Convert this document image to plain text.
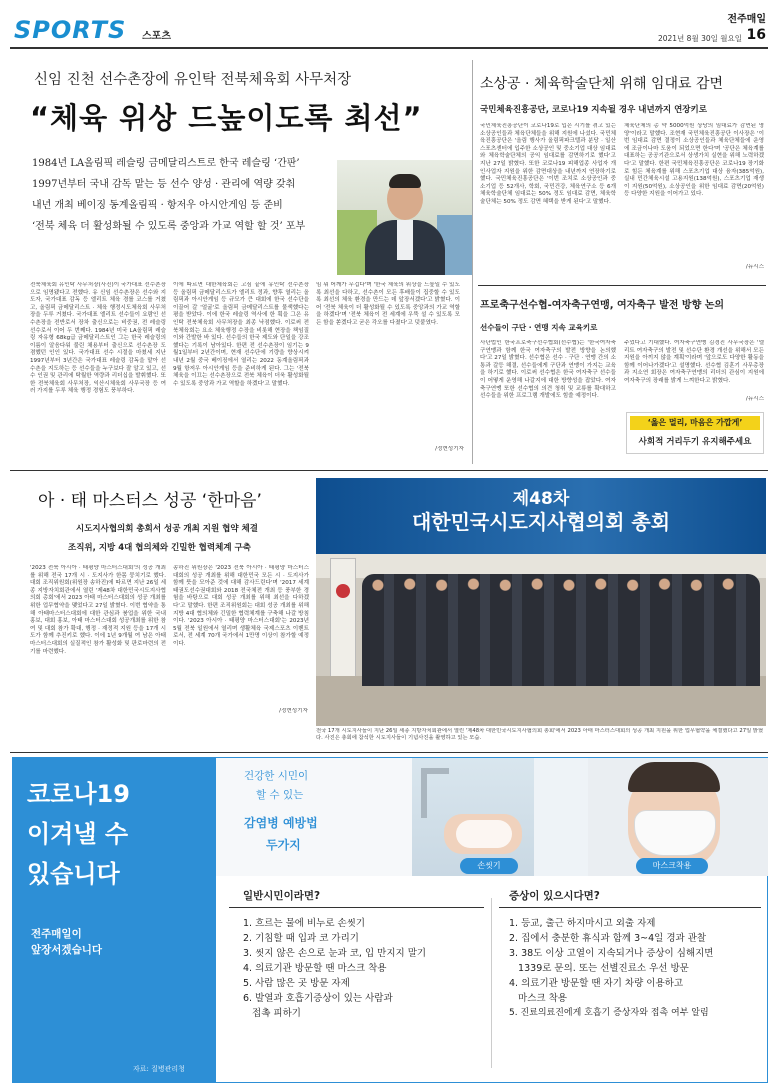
SPORTS 스포츠
전주매일
2021년 8월 30일 월요일 16
신임 진천 선수촌장에 유인탁 전북체육회 사무처장
“체육 위상 드높이도록 최선”
1984년 LA올림픽 레슬링 금메달리스트로 한국 레슬링 ‘간판’
1997년부터 국내 감독 맡는 등 선수 양성 · 관리에 역량 갖춰
내년 개최 베이징 동계올림픽 · 항저우 아시안게임 등 준비
‘전북 체육 더 활성화될 수 있도록 중앙과 가교 역할 할 것’ 포부
전북체육회 유인탁 사무처장(사진)이 국가대표 선수촌장으로 임명됐다고 전했다. 유 신임 선수촌장은 선수와 지도자, 국가대표 감독 등 엘리트 체육 경를 코스를 거쳤고, 올림픽 금메달리스트 · 체육 행정시도체육회 사무처장을 두루 거쳤다. 국가대표 엘리트 선수들이 요람인 선수촌장을 전반로서 장차 출신으로는 비중권, 전 레슬링선수로서 이어 두 번째다. 1984년 미국 LA올림픽 레슬링 자유형 68kg급 금메달리스트인 그는 한국 레슬링의 이름이 알음다워 불린 채용부터 출신으로 선수촌장 도 겸했던 인인 있다. 국가대표 선수 시절을 마쳤세 지난 1997년부터 3년간은 국가대표 레슬링 감독을 맡아 선수촌을 지도하는 등 선수들을 누구보다 잘 알고 있고, 선수 인권 및 관리에 탁월한 역량과 리더십을 발휘했다. 또한 전북체육회 사무처장, 익산시체육회 사무국장 등 여러 가지를 두루 체육 행정 경험도 풍부하다.
이에 따르면 대한체육회는 고심 끝에 유인탁 선수촌장 등 올림픽 금메달리스트가 엘리트 정과, 향후 열리는 올림픽과 아시안게임 등 규모가 큰 대회에 한국 선수단을 이끌어 갈 '얼굴'로 올림픽 금메달리스트를 물색했다는 평을 받았다. 이에 한국 레슬링 역사에 한 획을 그은 유인탁 전북체육회 사무처장을 최종 낙점했다. 이로써 전북체육회는 요소 체육행정 수장을 비롯해 현장을 책임질 이와 간발한 바 있다. 선수들의 한국 제도와 단일을 강조했다는 기록이 남아있다. 한편 전 선수촌장이 임기는 9월1일부터 2년간이며, 현재 선수단에 기량을 향상시켜 내년 2월 중국 베이징에서 열리는 2022 동계올림픽과 9월 항저우 아시안게임 등을 준비하게 된다. 그는 '전북 체육을 이끄는 선수촌장으로 전북 체육이 더욱 활성화될 수 있도록 중앙과 가교 역할을 하겠다'고 말했다.
임 뭐 어깨가 무겁다'며 '한국 체육의 위상을 드높일 수 있도록 최선을 다하고, 선수촌이 모든 후배들이 집중할 수 있도록 최선의 체육 환경을 만드는 데 앞장서겠다'고 밝혔다. 이어 '전북 체육이 더 활성화될 수 있도록 중앙과의 가교 역할을 하겠다'며 '전북 체육이 전 세계에 우뚝 설 수 있도록 모든 함을 쏟겠다고 굳은 각오를 다졌다'고 덧붙였다.
/정현성기자
소상공 · 체육학술단체 위해 임대료 감면
국민체육진흥공단, 코로나19 지속될 경우 내년까지 연장키로
국민체육진흥공단이 코로나19로 입은 시기를 겪고 있는 소상공인들과 체육단체들을 위해 지원에 나섰다. 국민체육진흥공단은 '올림 행사가 올림픽파크텔과 분당 · 일산 스포츠센터에 입주한 소상공인 및 중소기업 대상 임대료와 체육학술단체의 공익 임대료를 감면하기로 했다'고 지난 27일 밝혔다. 또한 코로나19 피해업종 사업자 개인사업자 지원을 위한 감면대상을 내년까지 연장하기로 했다. 국민체육진흥공단은 '이번 조치로 소상공인과 중소기업 등 52개사, 학회, 국민건강, 체육연구소 등 6개 체육학술단체 임대료는 50% 정도 임대료 감면, 체육학술단체는 50% 정도 감면 혜택을 받게 된다'고 말했다.
체육단체의 총 약 5000억원 상당의 임대료가 감면된 영양'이라고 말했다. 조현재 국민체육진흥공단 이사장은 '이번 임대료 감면 결정이 소상공인들과 체육단체들에 운영에 조금이나마 도움이 되었으면 한다'며 '공단은 체육계를 대표하는 공공기관으로서 상생가치 실현을 위해 노력하겠다'고 말했다. 한편 국민체육진흥공단은 코로나19 장기화로 힘든 체육계를 위해 스포츠기업 대상 융자(385억원), 실내 민간체육시설 고용지원(138억원), 스포츠기업 재생이 지원(50억원), 소상공인을 위한 임대료 감면(20억원) 등 다양한 지원을 이어가고 있다.
/뉴시스
프로축구선수협-여자축구연맹, 여자축구 발전 방향 논의
선수들이 구단 · 연맹 지속 교육키로
사단법인 한국프로축구선수협회(선수협)는 '한국여자축구연맹과 함께 한국 여자축구의 발전 방향을 논의했다'고 27일 밝혔다. 선수협은 선수 · 구단 · 연맹 간의 소통과 갈등 해결, 선수들에게 구단과 연맹이 가지는 교육을 하기로 했다. 이로써 선수협은 한국 여자축구 선수들이 어떻게 운영해 나갈지에 대한 방향성을 잡았다. 여자축구연맹 또한 선수협의 의견 청취 및 교류를 확대하고 선수들을 위한 프로그램 개발에도 힘쓸 예정이다.
주었다고 기대했다. 여자축구연맹 김경진 사무국장은 '엘리트 여자축구의 발전 및 선수단 환경 개선을 위해서 모든 지원을 아끼지 않을 계획'이라며 '앞으로도 다양한 활동을 함께 이어나가겠다'고 설명했다. 선수협 김훈기 사무총장과 지소연 회장은 여자축구연맹의 리더의 관심이 지원에 여자축구의 장래를 밝게 느껴한다고 밝혔다.
/뉴시스
‘옳은 멀리, 마음은 가깝게’
사회적 거리두기 유지해주세요
아 · 태 마스터스 성공 ‘한마음’
시도지사협의회 총회서 성공 개최 지원 협약 체결
조직위, 지방 4대 협의체와 긴밀한 협력체계 구축
'2023 전북 아시아 · 태평양 마스터스대회'의 성공 개최를 위해 전국 17개 시 · 도지사가 한몸 뭉치기로 했다. 대회 조직위원회(위원장 송하진)에 따르면 지난 26일 세종 지방자치회관에서 열린 '제48차 대한민국시도지사협의회 총회'에서 2023 아태 마스터스대회의 성공 개최를 위한 업무협약을 맺었다고 27일 밝혔다. 이번 협약을 통해 아태마스터스대회에 대한 관심과 붐업을 위한 국내 홍보, 대회 홍보, 아태 마스터스대회 성공개최를 위한 참여 및 대회 참가 확대, 행정 · 재정적 지원 등을 17개 시도가 함께 추진키로 했다. 이에 1년 9개월 여 남은 아태 마스터스대회의 실질적인 참가 활성화 및 판로마련의 전기를 마련했다.
송하진 위원장은 '2023 전북 아시아 · 태평양 마스터스대회의 성공 개최를 위해 대한민국 모든 시 · 도지사가 함께 뜻을 모아준 것에 대해 감사드린다'며 '2017 세계태권도선수권대회와 2018 전국체전 개최 등 풍부한 경험을 바탕으로 대회 성공 개최를 위해 최선을 다하겠다'고 말했다. 한편 조직위원회는 대회 성공 개최를 위해 지방 4대 협의체와 긴밀한 협력체계를 구축해 나갈 방침이다. '2023 아시아 · 태평양 마스터스대회'는 2023년 5월 전북 일원에서 열리며 생활체육 국제스포츠 이벤트로서, 전 세계 70개 국가에서 1만명 이상이 참가할 예정이다.
/정현성기자
제48차
대한민국시도지사협의회 총회
전국 17개 시도지사들이 지난 26일 세종 지방자치회관에서 열린 '제48차 대한민국시도지사협의회 총회'에서 2023 아태 마스터스대회의 성공 개최 지원을 위한 업무협약을 체결했다고 27일 밝혔다. 사진은 총회에 참석한 시도지사들이 기념사진을 촬영하고 있는 모습.
코로나19
이겨낼 수
있습니다
전주매일이
앞장서겠습니다
자료: 질병관리청
건강한 시민이
할 수 있는
감염병 예방법
두가지
손씻기	마스크착용
일반시민이라면?
1. 흐르는 물에 비누로 손씻기
2. 기침할 때 입과 코 가리기
3. 씻지 않은 손으로 눈과 코, 입 만지지 말기
4. 의료기관 방문할 땐 마스크 착용
5. 사람 많은 곳 방문 자제
6. 발열과 호흡기증상이 있는 사람과
접촉 피하기
증상이 있으시다면?
1. 등교, 출근 하지마시고 외출 자제
2. 집에서 충분한 휴식과 함께 3~4일 경과 관찰
3. 38도 이상 고열이 지속되거나 증상이 심해지면
1339로 문의. 또는 선별진료소 우선 방문
4. 의료기관 방문할 땐 자기 차량 이용하고
마스크 착용
5. 진료의료진에게 호흡기 증상자와 접촉 여부 알림
